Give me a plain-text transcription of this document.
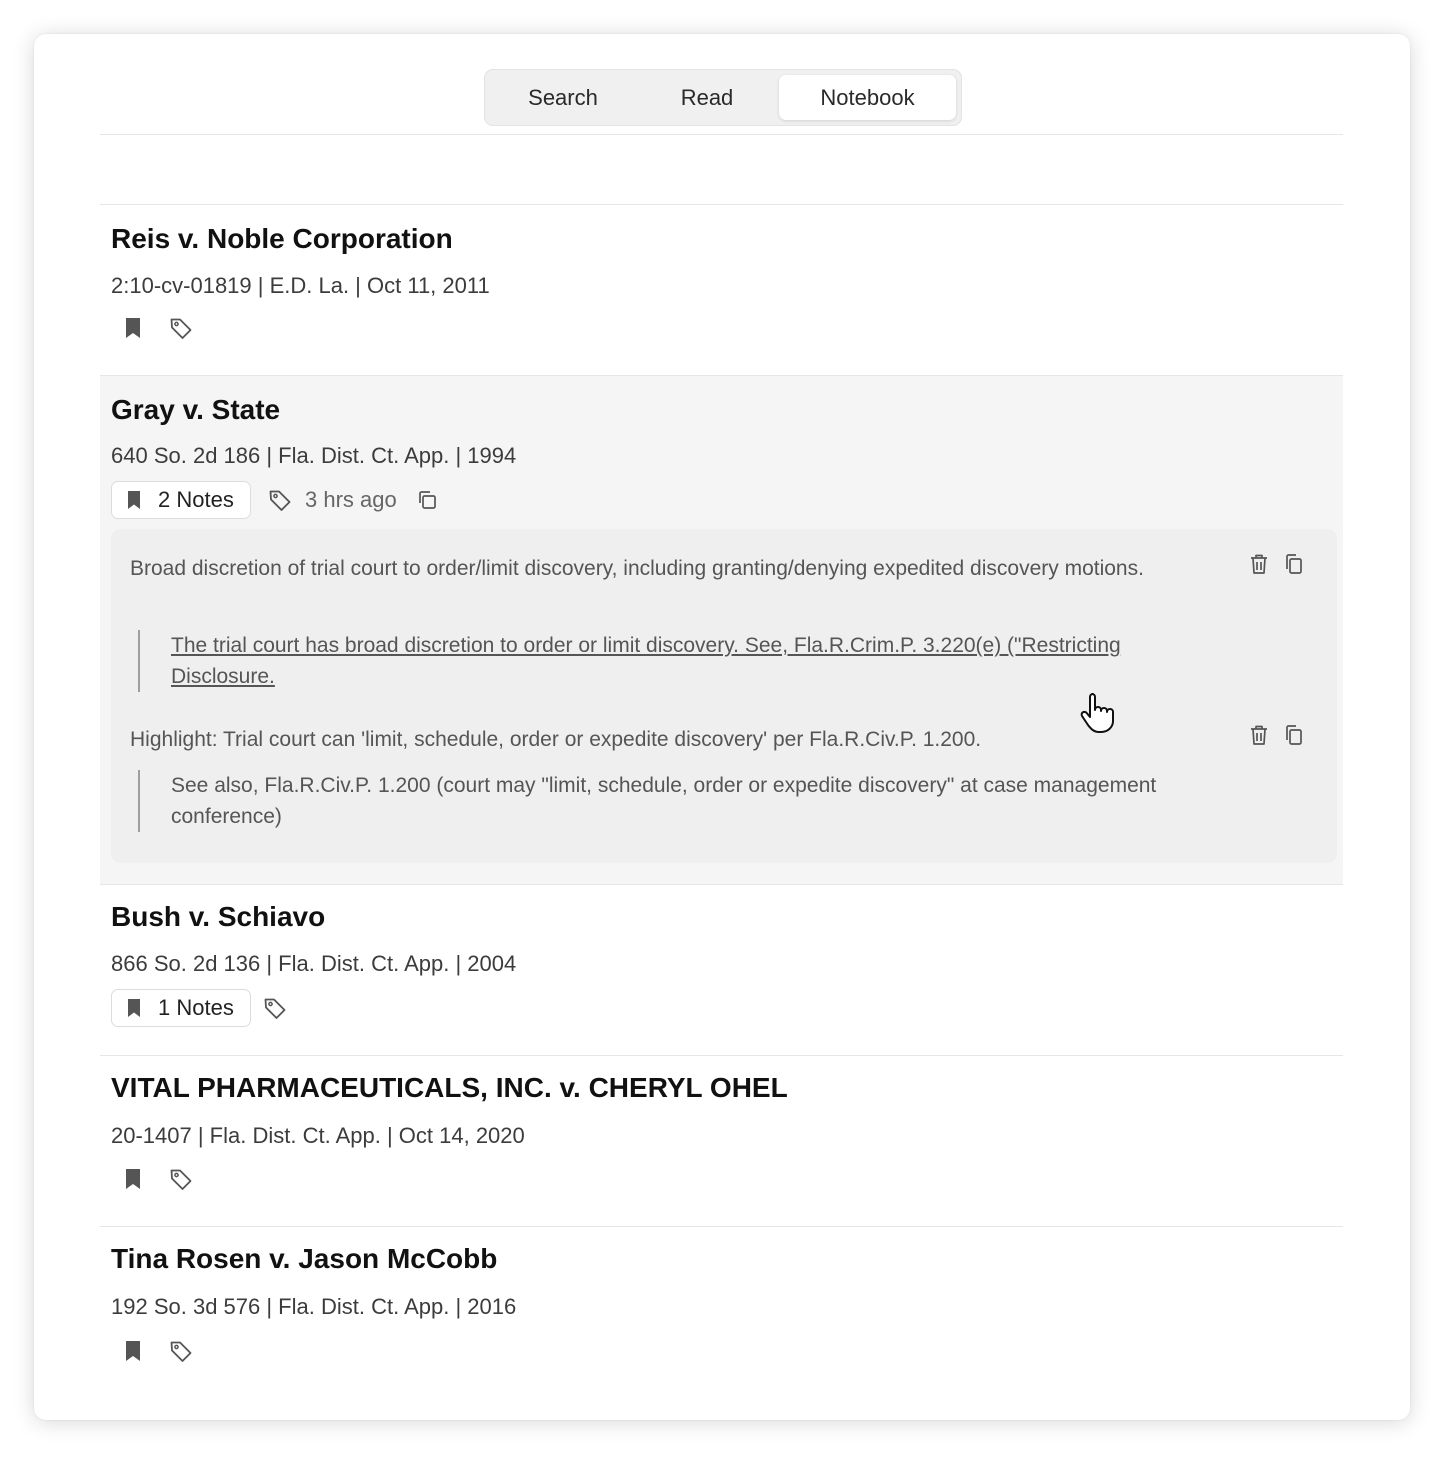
Search	Read	Notebook
Reis v. Noble Corporation
2:10-cv-01819 | E.D. La. | Oct 11, 2011
Gray v. State
640 So. 2d 186 | Fla. Dist. Ct. App. | 1994
2 Notes	3 hrs ago
Broad discretion of trial court to order/limit discovery, including granting/denying expedited discovery motions.
The trial court has broad discretion to order or limit discovery. See, Fla.R.Crim.P. 3.220(e) ("Restricting Disclosure.
Highlight: Trial court can 'limit, schedule, order or expedite discovery' per Fla.R.Civ.P. 1.200.
See also, Fla.R.Civ.P. 1.200 (court may "limit, schedule, order or expedite discovery" at case management conference)
Bush v. Schiavo
866 So. 2d 136 | Fla. Dist. Ct. App. | 2004
1 Notes
VITAL PHARMACEUTICALS, INC. v. CHERYL OHEL
20-1407 | Fla. Dist. Ct. App. | Oct 14, 2020
Tina Rosen v. Jason McCobb
192 So. 3d 576 | Fla. Dist. Ct. App. | 2016
